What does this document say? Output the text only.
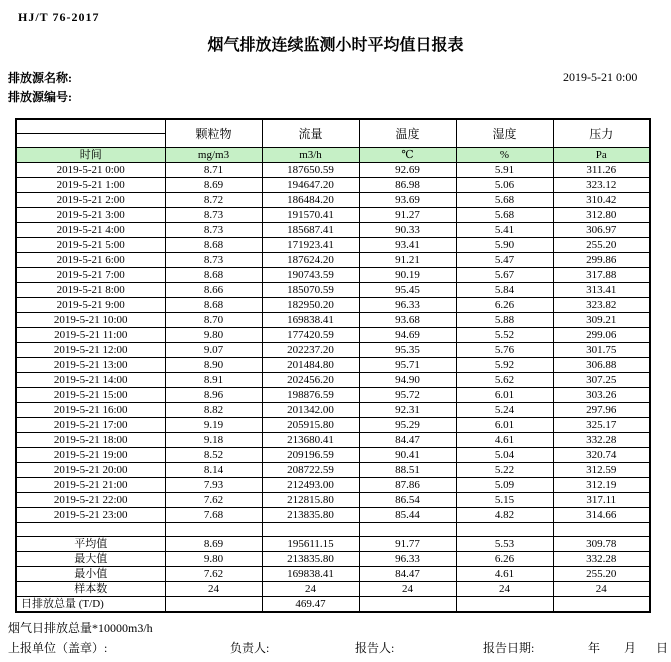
HJ/T 76-2017
烟气排放连续监测小时平均值日报表
排放源名称:
排放源编号:
2019-5-21 0:00
	颗粒物	流量	温度	湿度	压力

时间	mg/m3	m3/h	℃	%	Pa
2019-5-21 0:00	8.71	187650.59	92.69	5.91	311.26
2019-5-21 1:00	8.69	194647.20	86.98	5.06	323.12
2019-5-21 2:00	8.72	186484.20	93.69	5.68	310.42
2019-5-21 3:00	8.73	191570.41	91.27	5.68	312.80
2019-5-21 4:00	8.73	185687.41	90.33	5.41	306.97
2019-5-21 5:00	8.68	171923.41	93.41	5.90	255.20
2019-5-21 6:00	8.73	187624.20	91.21	5.47	299.86
2019-5-21 7:00	8.68	190743.59	90.19	5.67	317.88
2019-5-21 8:00	8.66	185070.59	95.45	5.84	313.41
2019-5-21 9:00	8.68	182950.20	96.33	6.26	323.82
2019-5-21 10:00	8.70	169838.41	93.68	5.88	309.21
2019-5-21 11:00	9.80	177420.59	94.69	5.52	299.06
2019-5-21 12:00	9.07	202237.20	95.35	5.76	301.75
2019-5-21 13:00	8.90	201484.80	95.71	5.92	306.88
2019-5-21 14:00	8.91	202456.20	94.90	5.62	307.25
2019-5-21 15:00	8.96	198876.59	95.72	6.01	303.26
2019-5-21 16:00	8.82	201342.00	92.31	5.24	297.96
2019-5-21 17:00	9.19	205915.80	95.29	6.01	325.17
2019-5-21 18:00	9.18	213680.41	84.47	4.61	332.28
2019-5-21 19:00	8.52	209196.59	90.41	5.04	320.74
2019-5-21 20:00	8.14	208722.59	88.51	5.22	312.59
2019-5-21 21:00	7.93	212493.00	87.86	5.09	312.19
2019-5-21 22:00	7.62	212815.80	86.54	5.15	317.11
2019-5-21 23:00	7.68	213835.80	85.44	4.82	314.66

平均值	8.69	195611.15	91.77	5.53	309.78
最大值	9.80	213835.80	96.33	6.26	332.28
最小值	7.62	169838.41	84.47	4.61	255.20
样本数	24	24	24	24	24
日排放总量 (T/D)		469.47			
烟气日排放总量*10000m3/h
上报单位（盖章）:	负责人:	报告人:	报告日期:	年 月 日
